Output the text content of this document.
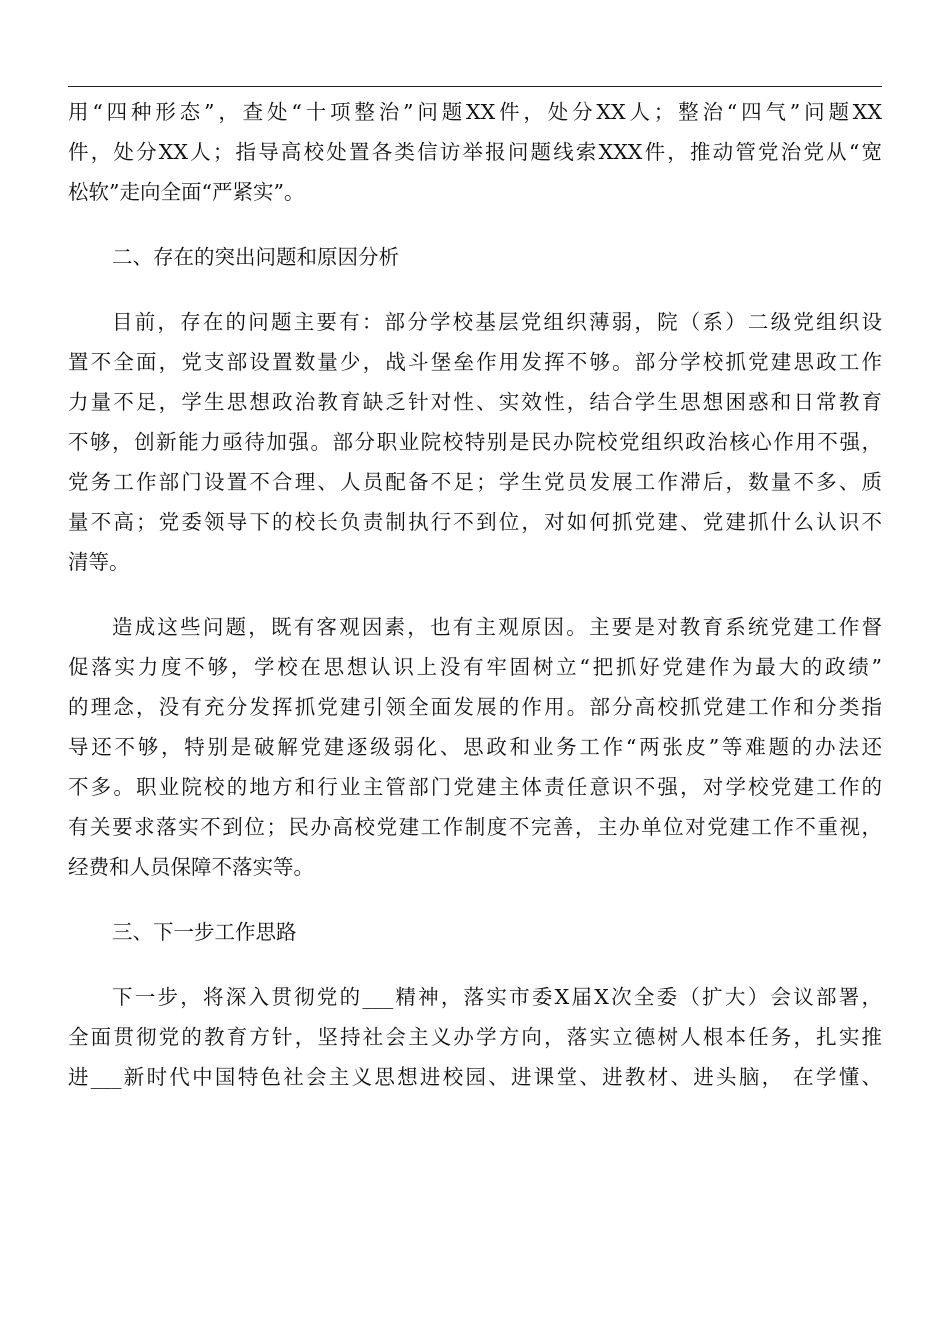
用“四种形态”，查处“十项整治”问题XX件，处分XX人；整治“四气”问题XX
件，处分XX人；指导高校处置各类信访举报问题线索XXX件，推动管党治党从“宽
松软”走向全面“严紧实”。
二、存在的突出问题和原因分析
目前，存在的问题主要有：部分学校基层党组织薄弱，院（系）二级党组织设
置不全面，党支部设置数量少，战斗堡垒作用发挥不够。部分学校抓党建思政工作
力量不足，学生思想政治教育缺乏针对性、实效性，结合学生思想困惑和日常教育
不够，创新能力亟待加强。部分职业院校特别是民办院校党组织政治核心作用不强，
党务工作部门设置不合理、人员配备不足；学生党员发展工作滞后，数量不多、质
量不高；党委领导下的校长负责制执行不到位，对如何抓党建、党建抓什么认识不
清等。
造成这些问题，既有客观因素，也有主观原因。主要是对教育系统党建工作督
促落实力度不够，学校在思想认识上没有牢固树立“把抓好党建作为最大的政绩”
的理念，没有充分发挥抓党建引领全面发展的作用。部分高校抓党建工作和分类指
导还不够，特别是破解党建逐级弱化、思政和业务工作“两张皮”等难题的办法还
不多。职业院校的地方和行业主管部门党建主体责任意识不强，对学校党建工作的
有关要求落实不到位；民办高校党建工作制度不完善，主办单位对党建工作不重视，
经费和人员保障不落实等。
三、下一步工作思路
下一步，将深入贯彻党的___精神，落实市委X届X次全委（扩大）会议部署，
全面贯彻党的教育方针，坚持社会主义办学方向，落实立德树人根本任务，扎实推
进___新时代中国特色社会主义思想进校园、进课堂、进教材、进头脑， 在学懂、
